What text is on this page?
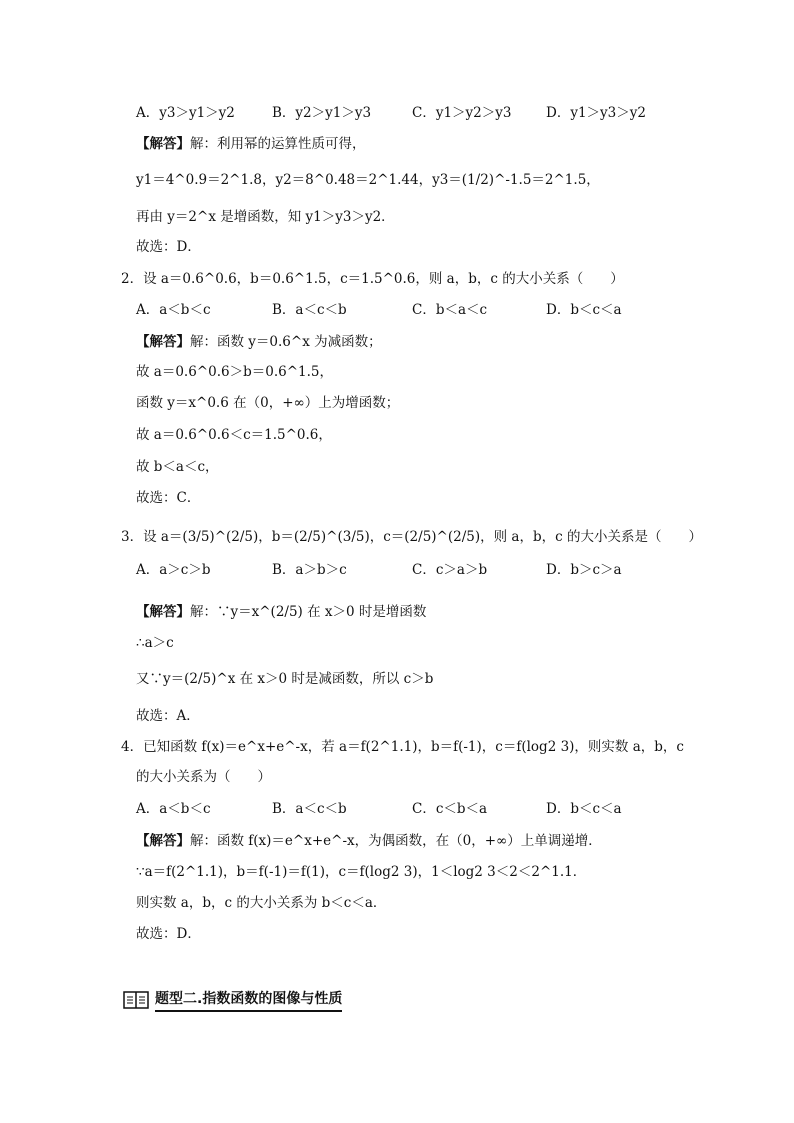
A．y3＞y1＞y2	B．y2＞y1＞y3	C．y1＞y2＞y3	D．y1＞y3＞y2
【解答】解：利用幂的运算性质可得，
y1＝4^0.9＝2^1.8，y2＝8^0.48＝2^1.44，y3＝(1/2)^-1.5＝2^1.5，
再由 y＝2^x 是增函数，知 y1＞y3＞y2．
故选：D．
2．设 a＝0.6^0.6，b＝0.6^1.5，c＝1.5^0.6，则 a，b，c 的大小关系（　　）
A．a＜b＜c	B．a＜c＜b	C．b＜a＜c	D．b＜c＜a
【解答】解：函数 y＝0.6^x 为减函数；
故 a＝0.6^0.6＞b＝0.6^1.5，
函数 y＝x^0.6 在（0，+∞）上为增函数；
故 a＝0.6^0.6＜c＝1.5^0.6，
故 b＜a＜c，
故选：C．
3．设 a＝(3/5)^(2/5)，b＝(2/5)^(3/5)，c＝(2/5)^(2/5)，则 a，b，c 的大小关系是（　　）
A．a＞c＞b	B．a＞b＞c	C．c＞a＞b	D．b＞c＞a
【解答】解：∵y＝x^(2/5) 在 x＞0 时是增函数
∴a＞c
又∵y＝(2/5)^x 在 x＞0 时是减函数，所以 c＞b
故选：A．
4．已知函数 f(x)＝e^x+e^-x，若 a＝f(2^1.1)，b＝f(-1)，c＝f(log2 3)，则实数 a，b，c
的大小关系为（　　）
A．a＜b＜c	B．a＜c＜b	C．c＜b＜a	D．b＜c＜a
【解答】解：函数 f(x)＝e^x+e^-x，为偶函数，在（0，+∞）上单调递增．
∵a＝f(2^1.1)，b＝f(-1)＝f(1)，c＝f(log2 3)，1＜log2 3＜2＜2^1.1．
则实数 a，b，c 的大小关系为 b＜c＜a．
故选：D．
题型二.指数函数的图像与性质
